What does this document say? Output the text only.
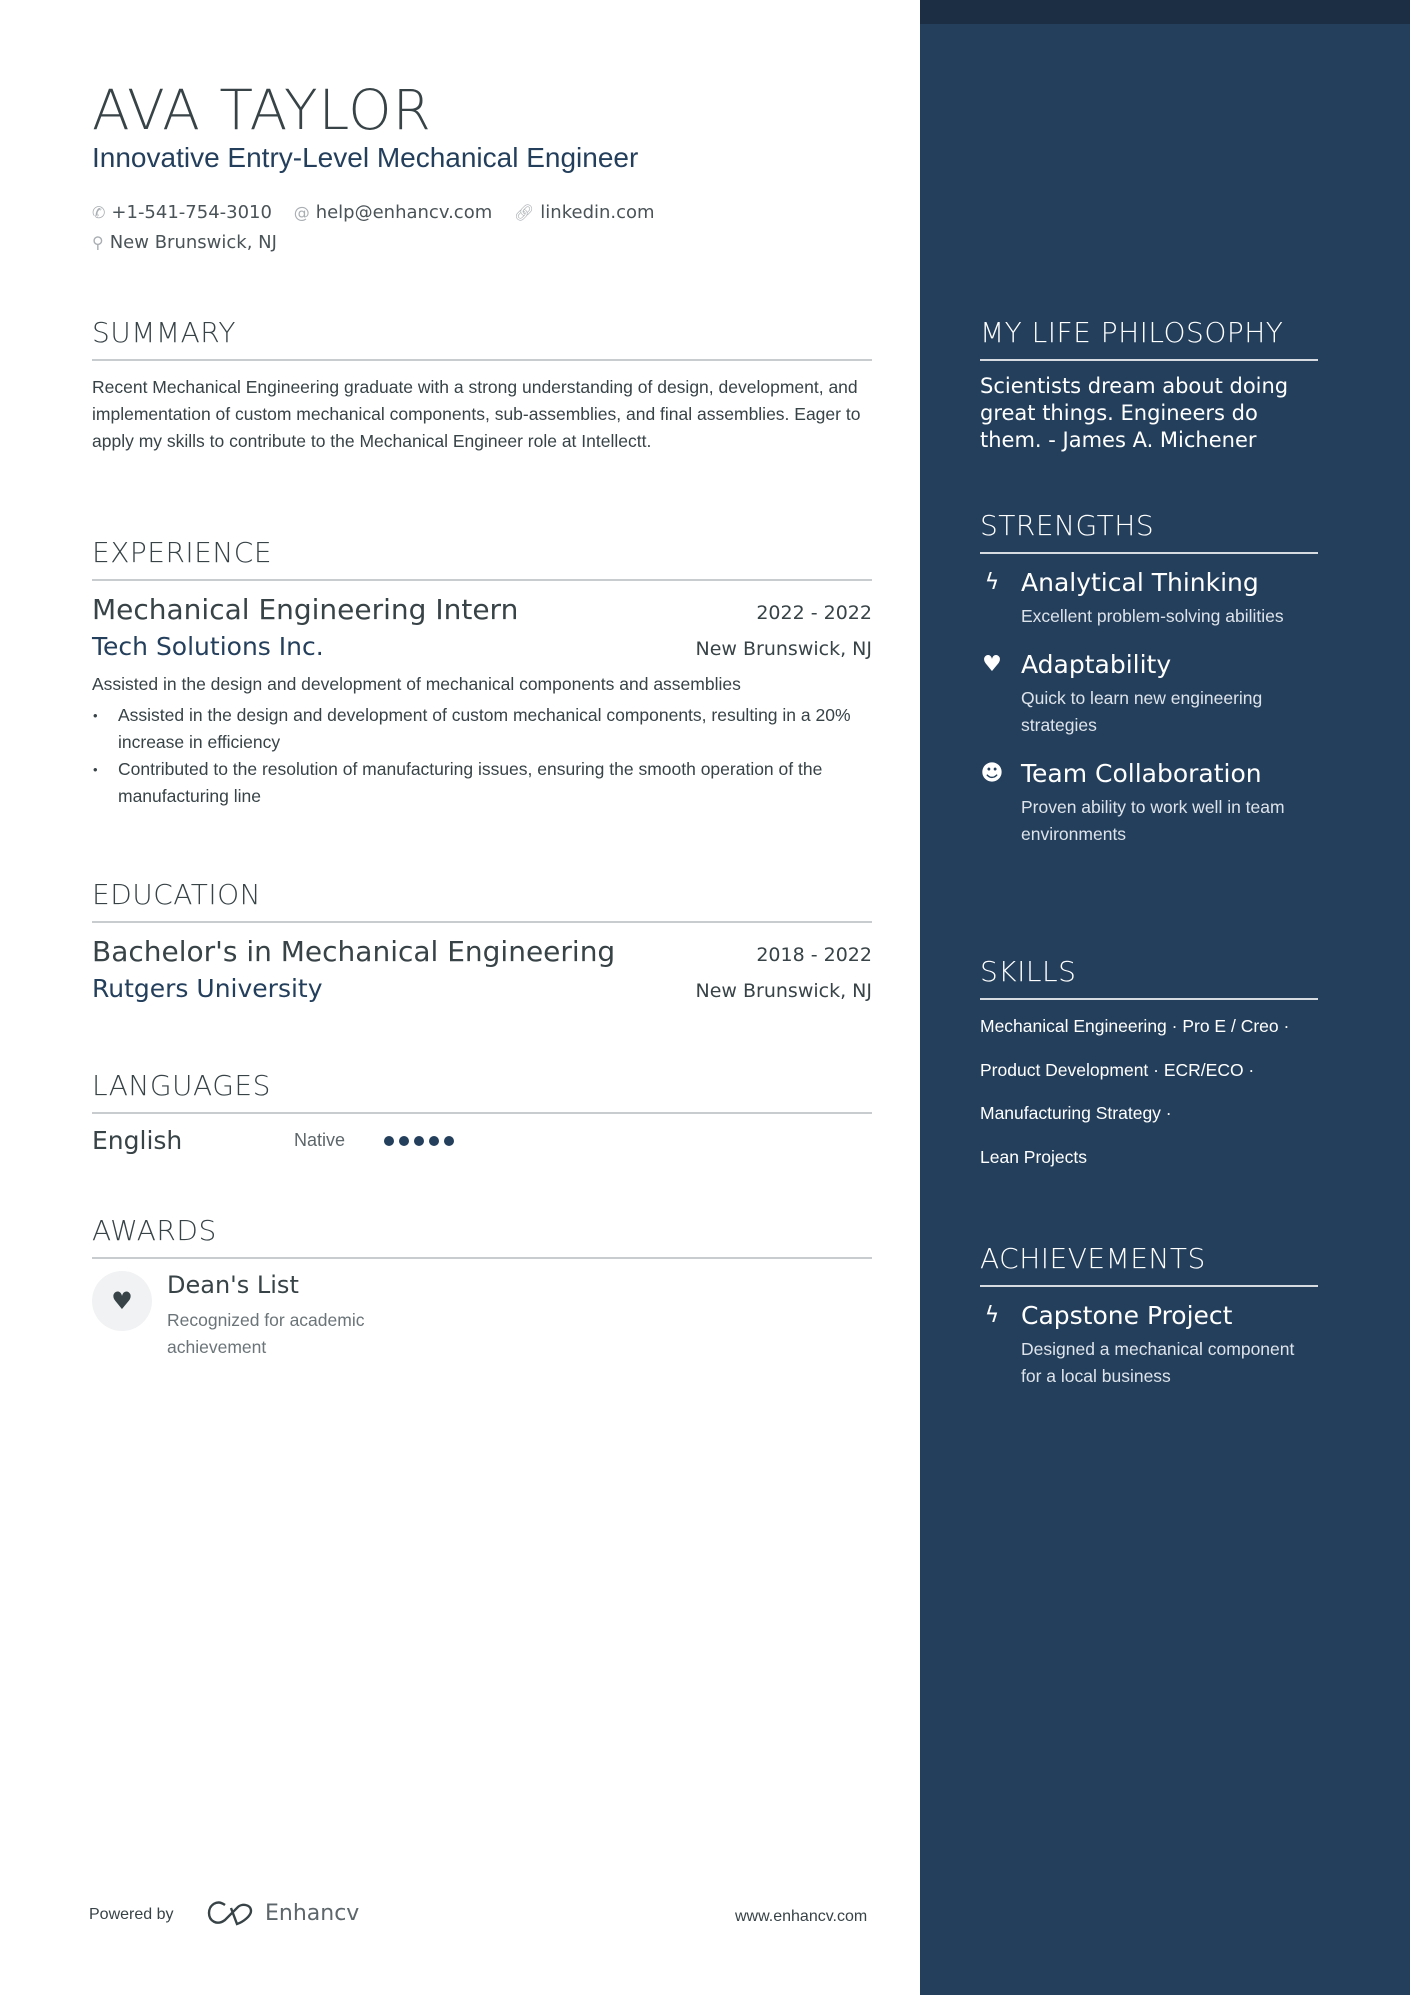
AVA TAYLOR
Innovative Entry-Level Mechanical Engineer
✆ +1-541-754-3010 @ help@enhancv.com 🔗︎ linkedin.com
⚲ New Brunswick, NJ
SUMMARY

Recent Mechanical Engineering graduate with a strong understanding of design, development, and implementation of custom mechanical components, sub-assemblies, and final assemblies. Eager to apply my skills to contribute to the Mechanical Engineer role at Intellectt.

EXPERIENCE
Mechanical Engineering Intern	2022 - 2022
Tech Solutions Inc.	New Brunswick, NJ

Assisted in the design and development of mechanical components and assemblies

• Assisted in the design and development of custom mechanical components, resulting in a 20% increase in efficiency
• Contributed to the resolution of manufacturing issues, ensuring the smooth operation of the manufacturing line
EDUCATION
Bachelor's in Mechanical Engineering	2018 - 2022
Rutgers University	New Brunswick, NJ
LANGUAGES
English	Native
AWARDS
♥
Dean's List
Recognized for academic achievement
Powered by	Enhancv	www.enhancv.com
MY LIFE PHILOSOPHY

Scientists dream about doing great things. Engineers do them. - James A. Michener

STRENGTHS
ϟ Analytical Thinking
Excellent problem-solving abilities
♥ Adaptability
Quick to learn new engineering strategies
☻ Team Collaboration
Proven ability to work well in team environments
SKILLS
Mechanical Engineering · Pro E / Creo ·
Product Development · ECR/ECO ·
Manufacturing Strategy ·
Lean Projects
ACHIEVEMENTS
ϟ Capstone Project
Designed a mechanical component for a local business
